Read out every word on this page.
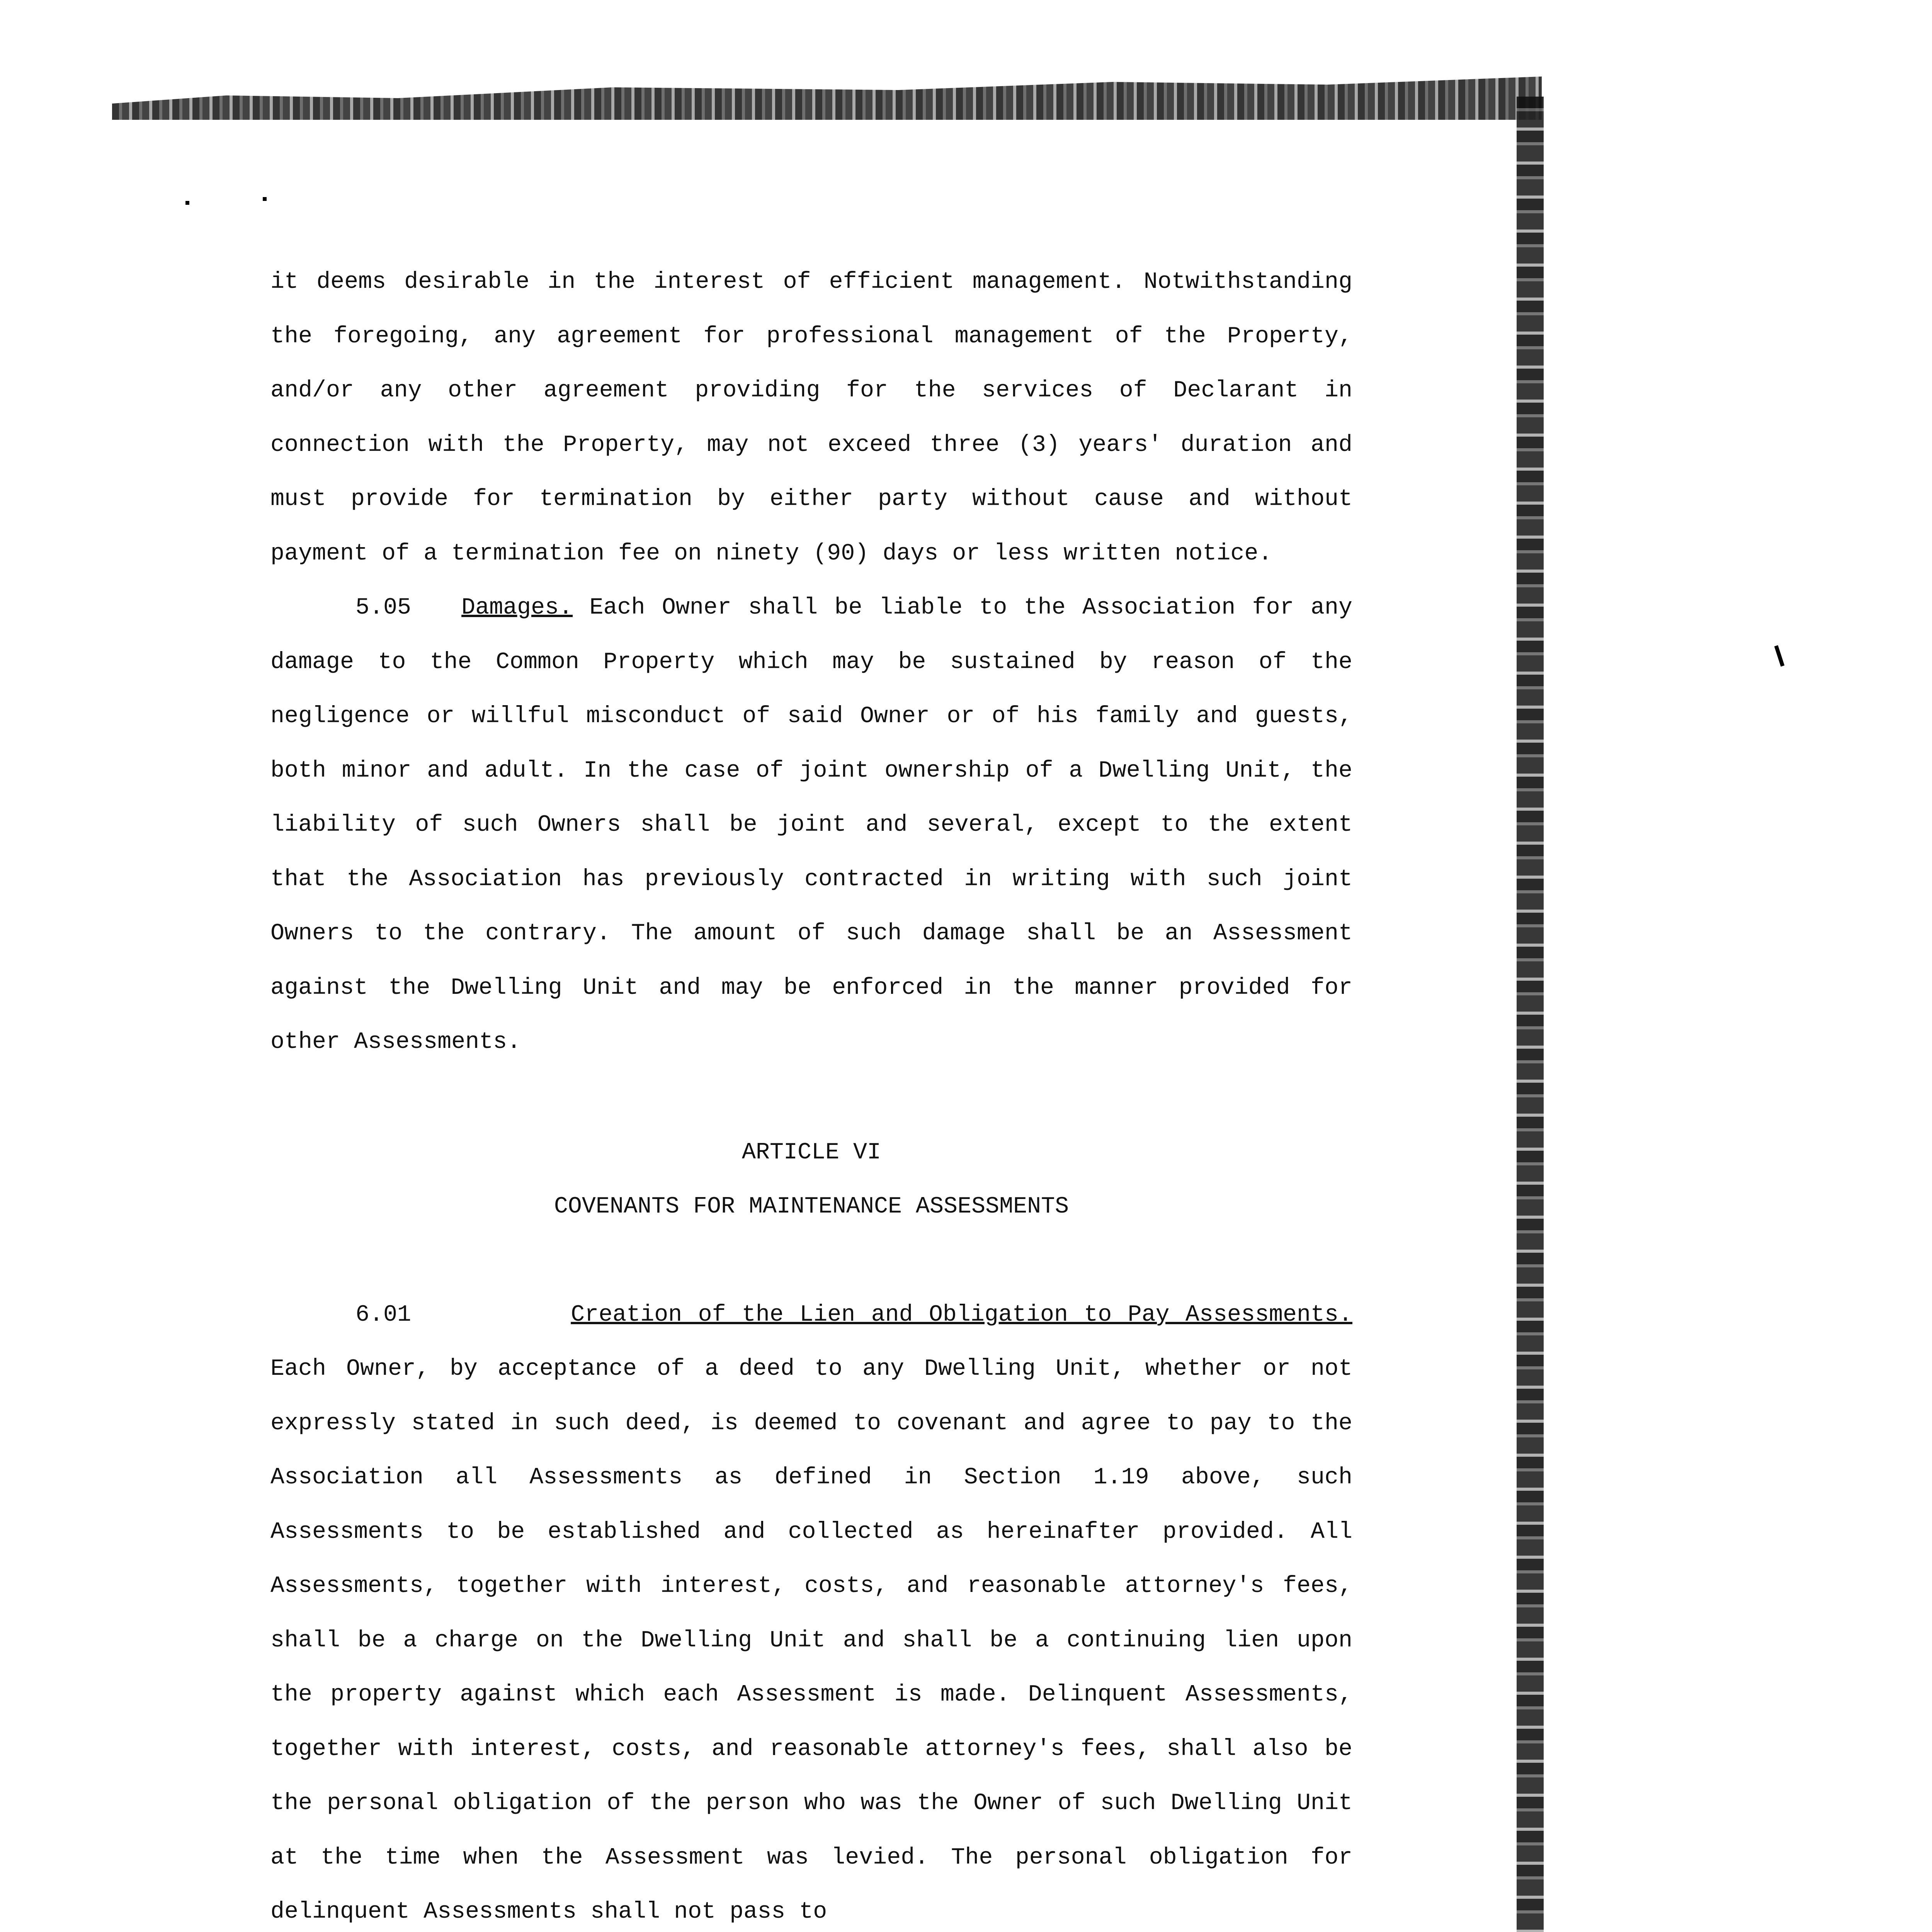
it deems desirable in the interest of efficient management. Notwithstanding the foregoing, any agreement for professional management of the Property, and/or any other agreement providing for the services of Declarant in connection with the Property, may not exceed three (3) years' duration and must provide for termination by either party without cause and without payment of a termination fee on ninety (90) days or less written notice.

5.05 Damages. Each Owner shall be liable to the Association for any damage to the Common Property which may be sustained by reason of the negligence or willful misconduct of said Owner or of his family and guests, both minor and adult. In the case of joint ownership of a Dwelling Unit, the liability of such Owners shall be joint and several, except to the extent that the Association has previously contracted in writing with such joint Owners to the contrary. The amount of such damage shall be an Assessment against the Dwelling Unit and may be enforced in the manner provided for other Assessments.

ARTICLE VI

COVENANTS FOR MAINTENANCE ASSESSMENTS

6.01	Creation of the Lien and Obligation to Pay Assessments. Each Owner, by acceptance of a deed to any Dwelling Unit, whether or not expressly stated in such deed, is deemed to covenant and agree to pay to the Association all Assessments as defined in Section 1.19 above, such Assessments to be established and collected as hereinafter provided. All Assessments, together with interest, costs, and reasonable attorney's fees, shall be a charge on the Dwelling Unit and shall be a continuing lien upon the property against which each Assessment is made. Delinquent Assessments, together with interest, costs, and reasonable attorney's fees, shall also be the personal obligation of the person who was the Owner of such Dwelling Unit at the time when the Assessment was levied. The personal obligation for delinquent Assessments shall not pass to
